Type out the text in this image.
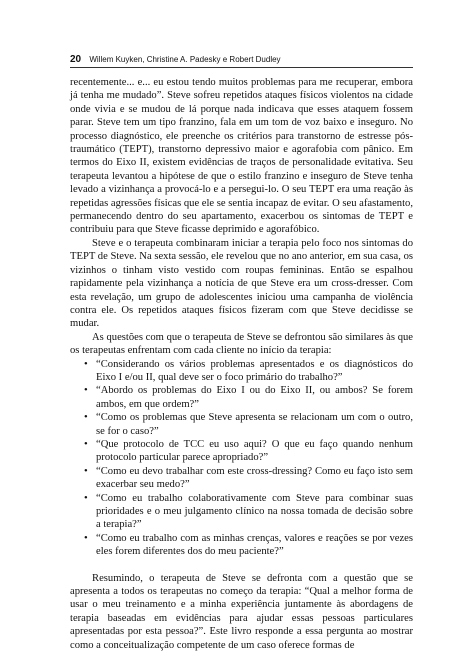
20 Willem Kuyken, Christine A. Padesky e Robert Dudley

recentemente... e... eu estou tendo muitos problemas para me recuperar, embora já tenha me mudado”. Steve sofreu repetidos ataques físicos violentos na cidade onde vivia e se mudou de lá porque nada indicava que esses ataquem fossem parar. Steve tem um tipo franzino, fala em um tom de voz baixo e inseguro. No processo diagnóstico, ele preenche os critérios para transtorno de estresse pós-traumático (TEPT), transtorno depressivo maior e agorafobia com pânico. Em termos do Eixo II, existem evidências de traços de personalidade evitativa. Seu terapeuta levantou a hipótese de que o estilo franzino e inseguro de Steve tenha levado a vizinhança a provocá-lo e a persegui-lo. O seu TEPT era uma reação às repetidas agressões físicas que ele se sentia incapaz de evitar. O seu afastamento, permanecendo dentro do seu apartamento, exacerbou os sintomas de TEPT e contribuiu para que Steve ficasse deprimido e agorafóbico.

Steve e o terapeuta combinaram iniciar a terapia pelo foco nos sintomas do TEPT de Steve. Na sexta sessão, ele revelou que no ano anterior, em sua casa, os vizinhos o tinham visto vestido com roupas femininas. Então se espalhou rapidamente pela vizinhança a notícia de que Steve era um cross-dresser. Com esta revelação, um grupo de adolescentes iniciou uma campanha de violência contra ele. Os repetidos ataques físicos fizeram com que Steve decidisse se mudar.

As questões com que o terapeuta de Steve se defrontou são similares às que os terapeutas enfrentam com cada cliente no início da terapia:

• “Considerando os vários problemas apresentados e os diagnósticos do Eixo I e/ou II, qual deve ser o foco primário do trabalho?”
• “Abordo os problemas do Eixo I ou do Eixo II, ou ambos? Se forem ambos, em que ordem?”
• “Como os problemas que Steve apresenta se relacionam um com o outro, se for o caso?”
• “Que protocolo de TCC eu uso aqui? O que eu faço quando nenhum protocolo particular parece apropriado?”
• “Como eu devo trabalhar com este cross-dressing? Como eu faço isto sem exacerbar seu medo?”
• “Como eu trabalho colaborativamente com Steve para combinar suas prioridades e o meu julgamento clínico na nossa tomada de decisão sobre a terapia?”
• “Como eu trabalho com as minhas crenças, valores e reações se por vezes eles forem diferentes dos do meu paciente?”

Resumindo, o terapeuta de Steve se defronta com a questão que se apresenta a todos os terapeutas no começo da terapia: “Qual a melhor forma de usar o meu treinamento e a minha experiência juntamente às abordagens de terapia baseadas em evidências para ajudar essas pessoas particulares apresentadas por esta pessoa?”. Este livro responde a essa pergunta ao mostrar como a conceitualização competente de um caso oferece formas de
